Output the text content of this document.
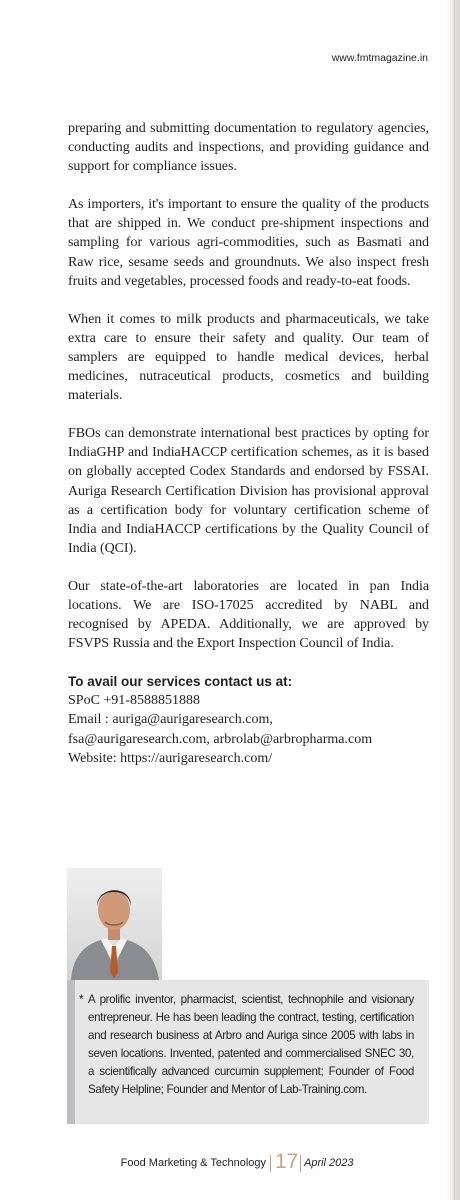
www.fmtmagazine.in

preparing and submitting documentation to regulatory agencies, conducting audits and inspections, and providing guidance and support for compliance issues.

As importers, it's important to ensure the quality of the products that are shipped in. We conduct pre-shipment inspections and sampling for various agri-commodities, such as Basmati and Raw rice, sesame seeds and groundnuts. We also inspect fresh fruits and vegetables, processed foods and ready-to-eat foods.

When it comes to milk products and pharmaceuticals, we take extra care to ensure their safety and quality. Our team of samplers are equipped to handle medical devices, herbal medicines, nutraceutical products, cosmetics and building materials.

FBOs can demonstrate international best practices by opting for IndiaGHP and IndiaHACCP certification schemes, as it is based on globally accepted Codex Standards and endorsed by FSSAI. Auriga Research Certification Division has provisional approval as a certification body for voluntary certification scheme of India and IndiaHACCP certifications by the Quality Council of India (QCI).

Our state-of-the-art laboratories are located in pan India locations. We are ISO-17025 accredited by NABL and recognised by APEDA. Additionally, we are approved by FSVPS Russia and the Export Inspection Council of India.

To avail our services contact us at:
SPoC +91-8588851888
Email : auriga@aurigaresearch.com,
fsa@aurigaresearch.com, arbrolab@arbropharma.com
Website: https://aurigaresearch.com/
* A prolific inventor, pharmacist, scientist, technophile and visionary entrepreneur. He has been leading the contract, testing, certification and research business at Arbro and Auriga since 2005 with labs in seven locations. Invented, patented and commercialised SNEC 30, a scientifically advanced curcumin supplement; Founder of Food Safety Helpline; Founder and Mentor of Lab-Training.com.

Food Marketing & Technology 17 April 2023
